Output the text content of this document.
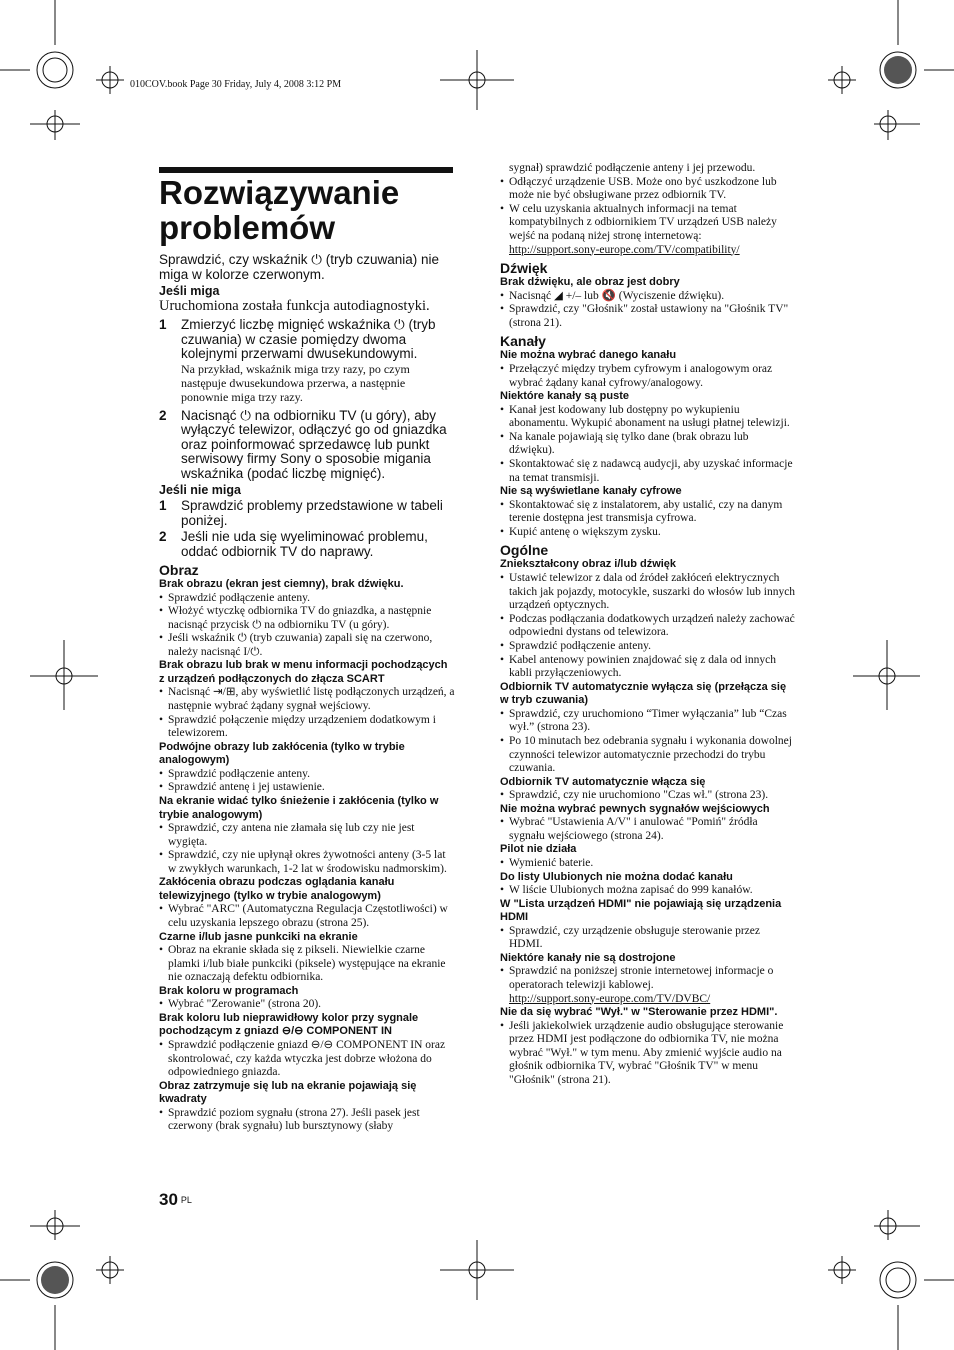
010COV.book Page 30 Friday, July 4, 2008 3:12 PM
Rozwiązywanie
problemów

Sprawdzić, czy wskaźnik ⏻ (tryb czuwania) nie miga w kolorze czerwonym.

Jeśli miga

Uruchomiona została funkcja autodiagnostyki.

1	Zmierzyć liczbę mignięć wskaźnika ⏻ (tryb czuwania) w czasie pomiędzy dwoma kolejnymi przerwami dwusekundowymi.
Na przykład, wskaźnik miga trzy razy, po czym następuje dwusekundowa przerwa, a następnie ponownie miga trzy razy.
2	Nacisnąć ⏻ na odbiorniku TV (u góry), aby wyłączyć telewizor, odłączyć go od gniazdka oraz poinformować sprzedawcę lub punkt serwisowy firmy Sony o sposobie migania wskaźnika (podać liczbę mignięć).
Jeśli nie miga
1	Sprawdzić problemy przedstawione w tabeli poniżej.
2	Jeśli nie uda się wyeliminować problemu, oddać odbiornik TV do naprawy.
Obraz
Brak obrazu (ekran jest ciemny), brak dźwięku.
• Sprawdzić podłączenie anteny.
• Włożyć wtyczkę odbiornika TV do gniazdka, a następnie nacisnąć przycisk ⏻ na odbiorniku TV (u góry).
• Jeśli wskaźnik ⏻ (tryb czuwania) zapali się na czerwono, należy nacisnąć I/⏻.
Brak obrazu lub brak w menu informacji pochodzących z urządzeń podłączonych do złącza SCART
• Nacisnąć ⇥/⊞, aby wyświetlić listę podłączonych urządzeń, a następnie wybrać żądany sygnał wejściowy.
• Sprawdzić połączenie między urządzeniem dodatkowym i telewizorem.
Podwójne obrazy lub zakłócenia (tylko w trybie analogowym)
• Sprawdzić podłączenie anteny.
• Sprawdzić antenę i jej ustawienie.
Na ekranie widać tylko śnieżenie i zakłócenia (tylko w trybie analogowym)
• Sprawdzić, czy antena nie złamała się lub czy nie jest wygięta.
• Sprawdzić, czy nie upłynął okres żywotności anteny (3-5 lat w zwykłych warunkach, 1-2 lat w środowisku nadmorskim).
Zakłócenia obrazu podczas oglądania kanału telewizyjnego (tylko w trybie analogowym)
• Wybrać "ARC" (Automatyczna Regulacja Częstotliwości) w celu uzyskania lepszego obrazu (strona 25).
Czarne i/lub jasne punkciki na ekranie
• Obraz na ekranie składa się z pikseli. Niewielkie czarne plamki i/lub białe punkciki (piksele) występujące na ekranie nie oznaczają defektu odbiornika.
Brak koloru w programach
• Wybrać "Zerowanie" (strona 20).
Brak koloru lub nieprawidłowy kolor przy sygnale pochodzącym z gniazd ⊖/⊖ COMPONENT IN
• Sprawdzić podłączenie gniazd ⊖/⊖ COMPONENT IN oraz skontrolować, czy każda wtyczka jest dobrze włożona do odpowiedniego gniazda.
Obraz zatrzymuje się lub na ekranie pojawiają się kwadraty
• Sprawdzić poziom sygnału (strona 27). Jeśli pasek jest czerwony (brak sygnału) lub bursztynowy (słaby
sygnał) sprawdzić podłączenie anteny i jej przewodu.
• Odłączyć urządzenie USB. Może ono być uszkodzone lub może nie być obsługiwane przez odbiornik TV.
• W celu uzyskania aktualnych informacji na temat kompatybilnych z odbiornikiem TV urządzeń USB należy wejść na podaną niżej stronę internetową:
http://support.sony-europe.com/TV/compatibility/
Dźwięk
Brak dźwięku, ale obraz jest dobry
• Nacisnąć ◢ +/– lub 🔇 (Wyciszenie dźwięku).
• Sprawdzić, czy "Głośnik" został ustawiony na "Głośnik TV" (strona 21).
Kanały
Nie można wybrać danego kanału
• Przełączyć między trybem cyfrowym i analogowym oraz wybrać żądany kanał cyfrowy/analogowy.
Niektóre kanały są puste
• Kanał jest kodowany lub dostępny po wykupieniu abonamentu. Wykupić abonament na usługi płatnej telewizji.
• Na kanale pojawiają się tylko dane (brak obrazu lub dźwięku).
• Skontaktować się z nadawcą audycji, aby uzyskać informacje na temat transmisji.
Nie są wyświetlane kanały cyfrowe
• Skontaktować się z instalatorem, aby ustalić, czy na danym terenie dostępna jest transmisja cyfrowa.
• Kupić antenę o większym zysku.
Ogólne
Zniekształcony obraz i/lub dźwięk
• Ustawić telewizor z dala od źródeł zakłóceń elektrycznych takich jak pojazdy, motocykle, suszarki do włosów lub innych urządzeń optycznych.
• Podczas podłączania dodatkowych urządzeń należy zachować odpowiedni dystans od telewizora.
• Sprawdzić podłączenie anteny.
• Kabel antenowy powinien znajdować się z dala od innych kabli przyłączeniowych.
Odbiornik TV automatycznie wyłącza się (przełącza się w tryb czuwania)
• Sprawdzić, czy uruchomiono “Timer wyłączania” lub “Czas wył.” (strona 23).
• Po 10 minutach bez odebrania sygnału i wykonania dowolnej czynności telewizor automatycznie przechodzi do trybu czuwania.
Odbiornik TV automatycznie włącza się
• Sprawdzić, czy nie uruchomiono "Czas wł." (strona 23).
Nie można wybrać pewnych sygnałów wejściowych
• Wybrać "Ustawienia A/V" i anulować "Pomiń" źródła sygnału wejściowego (strona 24).
Pilot nie działa
• Wymienić baterie.
Do listy Ulubionych nie można dodać kanału
• W liście Ulubionych można zapisać do 999 kanałów.
W "Lista urządzeń HDMI" nie pojawiają się urządzenia HDMI
• Sprawdzić, czy urządzenie obsługuje sterowanie przez HDMI.
Niektóre kanały nie są dostrojone
• Sprawdzić na poniższej stronie internetowej informacje o operatorach telewizji kablowej.
http://support.sony-europe.com/TV/DVBC/
Nie da się wybrać "Wył." w "Sterowanie przez HDMI".
• Jeśli jakiekolwiek urządzenie audio obsługujące sterowanie przez HDMI jest podłączone do odbiornika TV, nie można wybrać "Wył." w tym menu. Aby zmienić wyjście audio na głośnik odbiornika TV, wybrać "Głośnik TV" w menu "Głośnik" (strona 21).
30 $^{PL}$
